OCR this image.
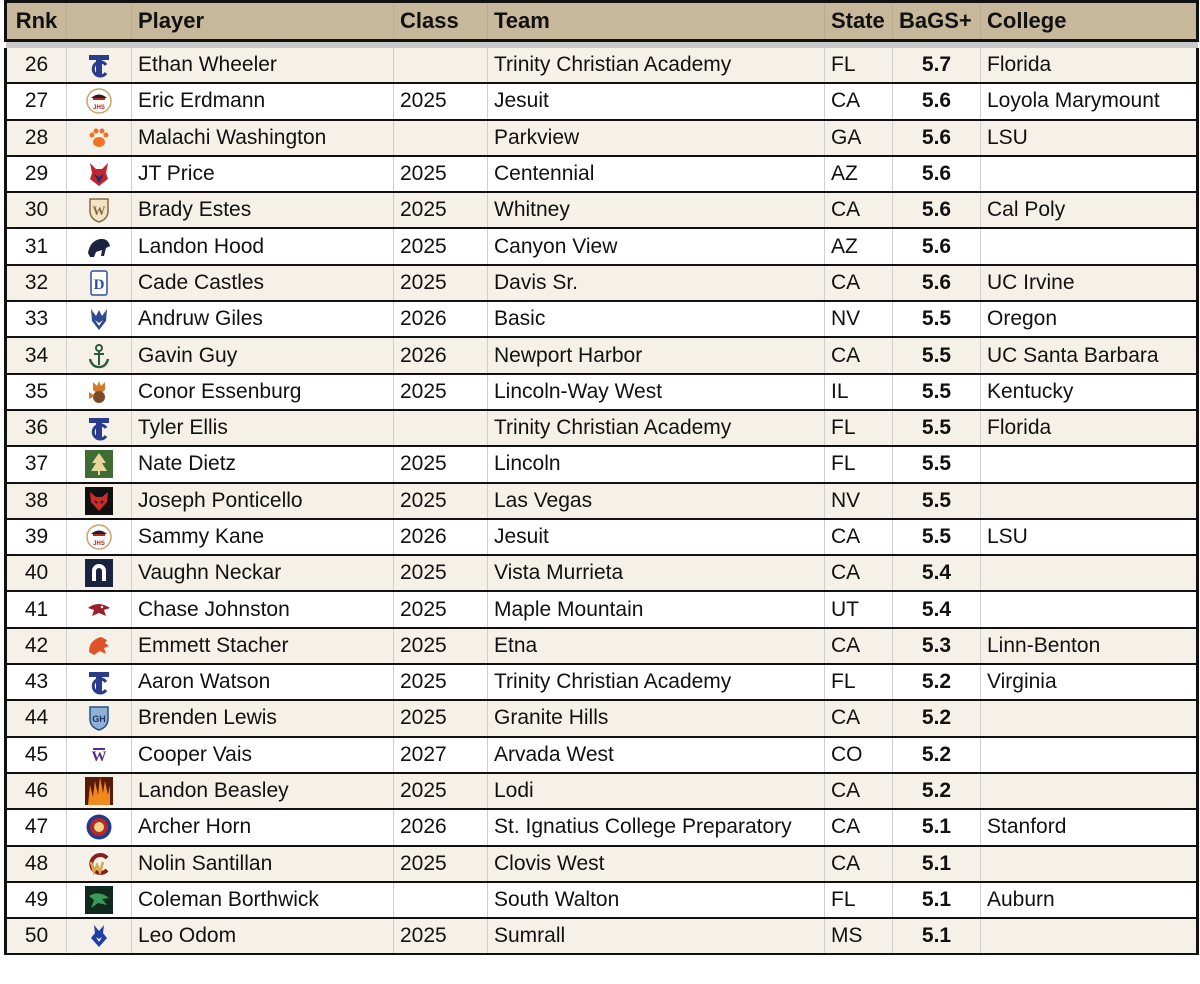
Rnk		Player	Class	Team	State	BaGS+	College

26		Ethan Wheeler		Trinity Christian Academy	FL	5.7	Florida
27	JHS	Eric Erdmann	2025	Jesuit	CA	5.6	Loyola Marymount
28		Malachi Washington		Parkview	GA	5.6	LSU
29		JT Price	2025	Centennial	AZ	5.6	
30	W	Brady Estes	2025	Whitney	CA	5.6	Cal Poly
31		Landon Hood	2025	Canyon View	AZ	5.6	
32	D	Cade Castles	2025	Davis Sr.	CA	5.6	UC Irvine
33		Andruw Giles	2026	Basic	NV	5.5	Oregon
34		Gavin Guy	2026	Newport Harbor	CA	5.5	UC Santa Barbara
35		Conor Essenburg	2025	Lincoln-Way West	IL	5.5	Kentucky
36		Tyler Ellis		Trinity Christian Academy	FL	5.5	Florida
37		Nate Dietz	2025	Lincoln	FL	5.5	
38		Joseph Ponticello	2025	Las Vegas	NV	5.5	
39	JHS	Sammy Kane	2026	Jesuit	CA	5.5	LSU
40		Vaughn Neckar	2025	Vista Murrieta	CA	5.4	
41		Chase Johnston	2025	Maple Mountain	UT	5.4	
42		Emmett Stacher	2025	Etna	CA	5.3	Linn-Benton
43		Aaron Watson	2025	Trinity Christian Academy	FL	5.2	Virginia
44	GH	Brenden Lewis	2025	Granite Hills	CA	5.2	
45	W	Cooper Vais	2027	Arvada West	CO	5.2	
46		Landon Beasley	2025	Lodi	CA	5.2	
47		Archer Horn	2026	St. Ignatius College Preparatory	CA	5.1	Stanford
48		Nolin Santillan	2025	Clovis West	CA	5.1	
49		Coleman Borthwick		South Walton	FL	5.1	Auburn
50		Leo Odom	2025	Sumrall	MS	5.1	
